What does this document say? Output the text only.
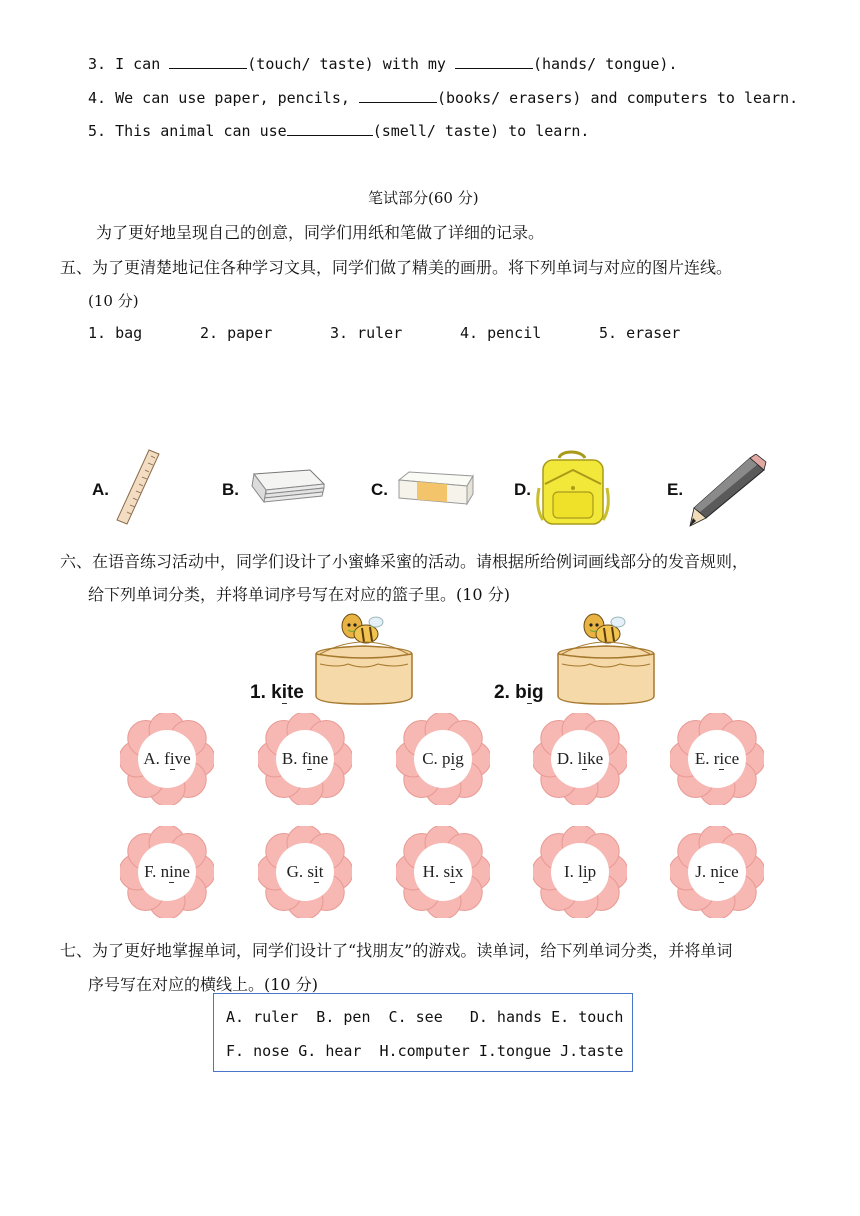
3. I can	(touch/ taste) with my	(hands/ tongue).
4. We can use paper, pencils,	(books/ erasers) and computers to learn.
5. This animal can use	(smell/ taste) to learn.
笔试部分(60 分)
为了更好地呈现自己的创意，同学们用纸和笔做了详细的记录。
五、为了更清楚地记住各种学习文具，同学们做了精美的画册。将下列单词与对应的图片连线。
(10 分)
1. bag	2. paper	3. ruler	4. pencil	5. eraser
A.	B.	C.	D.	E.
六、在语音练习活动中，同学们设计了小蜜蜂采蜜的活动。请根据所给例词画线部分的发音规则，
给下列单词分类，并将单词序号写在对应的篮子里。(10 分)
1. kite	2. big
A. f i ve	B. f i ne	C. p i g	D. l i ke	E. r i ce
F. n i ne	G. s i t	H. s i x	I. l i p	J. n i ce
七、为了更好地掌握单词，同学们设计了“找朋友”的游戏。读单词，给下列单词分类，并将单词
序号写在对应的横线上。(10 分)
A. ruler  B. pen  C. see   D. hands E. touch
F. nose G. hear  H.computer I.tongue J.taste
